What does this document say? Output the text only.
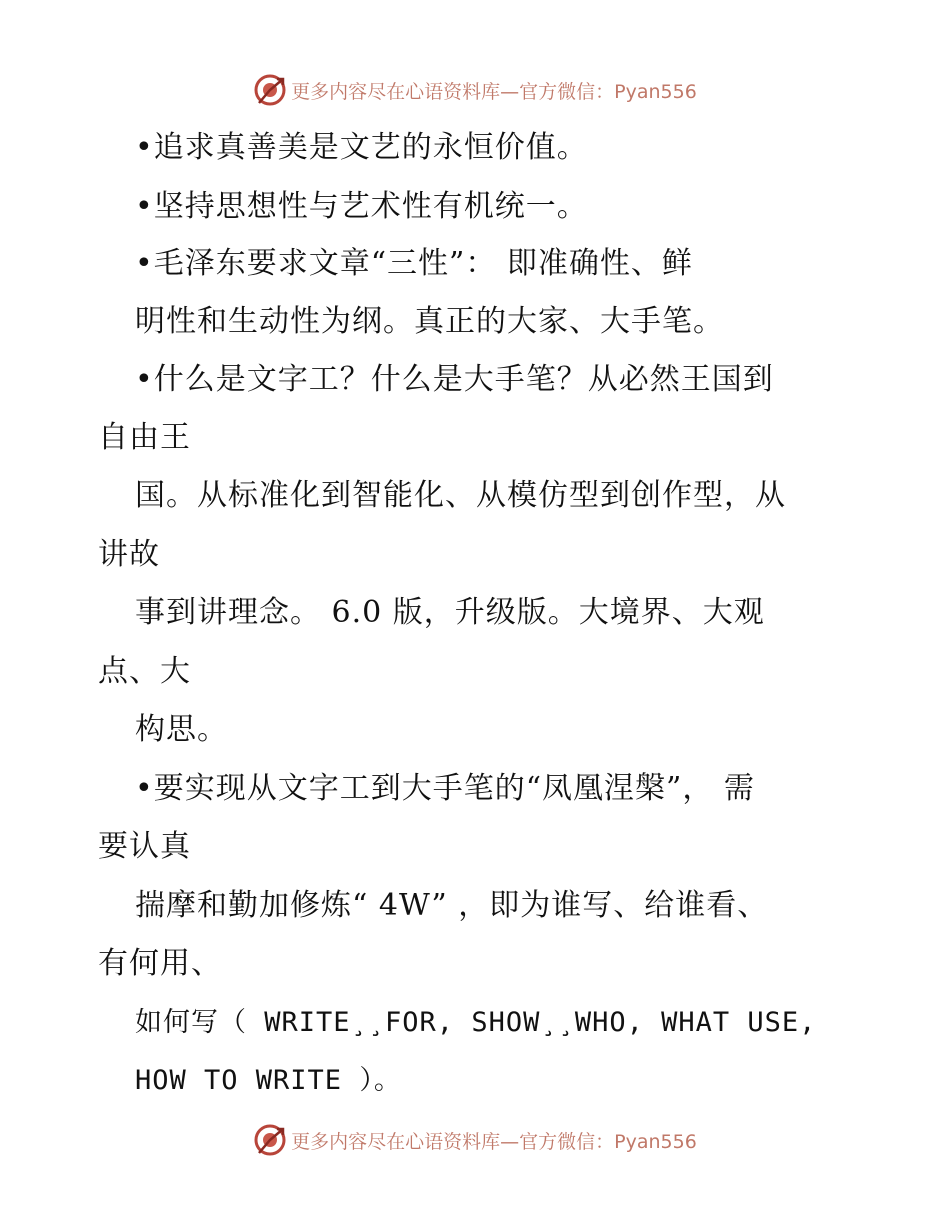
更多内容尽在心语资料库—官方微信：Pyan556
•追求真善美是文艺的永恒价值。
•坚持思想性与艺术性有机统一。
•毛泽东要求文章“三性”： 即准确性、鲜
明性和生动性为纲。真正的大家、大手笔。
•什么是文字工？什么是大手笔？从必然王国到
自由王
国。从标准化到智能化、从模仿型到创作型，从
讲故
事到讲理念。 6.0 版，升级版。大境界、大观
点、大
构思。
•要实现从文字工到大手笔的“凤凰涅槃”， 需
要认真
揣摩和勤加修炼“ 4W” ，即为谁写、给谁看、
有何用、
如何写（ WRITE¸¸FOR, SHOW¸¸WHO, WHAT USE,
HOW TO WRITE ）。
更多内容尽在心语资料库—官方微信：Pyan556
